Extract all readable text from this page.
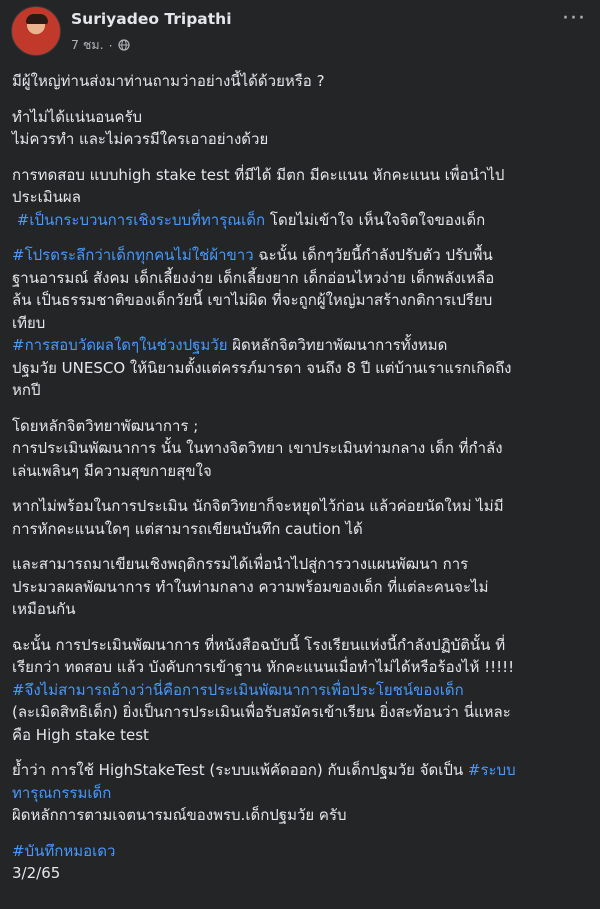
Suriyadeo Tripathi
7 ชม. ·
···
มีผู้ใหญ่ท่านส่งมาท่านถามว่าอย่างนี้ได้ด้วยหรือ ?
ทำไม่ได้แน่นอนครับ
ไม่ควรทำ และไม่ควรมีใครเอาอย่างด้วย
การทดสอบ แบบhigh stake test ที่มีได้ มีตก มีคะแนน หักคะแนน เพื่อนำไป
ประเมินผล
#เป็นกระบวนการเชิงระบบที่ทารุณเด็ก โดยไม่เข้าใจ เห็นใจจิตใจของเด็ก
#โปรดระลึกว่าเด็กทุกคนไม่ใช่ผ้าขาว ฉะนั้น เด็กๆวัยนี้กำลังปรับตัว ปรับพื้น
ฐานอารมณ์ สังคม เด็กเลี้ยงง่าย เด็กเลี้ยงยาก เด็กอ่อนไหวง่าย เด็กพลังเหลือ
ล้น เป็นธรรมชาติของเด็กวัยนี้ เขาไม่ผิด ที่จะถูกผู้ใหญ่มาสร้างกติการเปรียบ
เทียบ
#การสอบวัดผลใดๆในช่วงปฐมวัย ผิดหลักจิตวิทยาพัฒนาการทั้งหมด
ปฐมวัย UNESCO ให้นิยามตั้งแต่ครรภ์มารดา จนถึง 8 ปี แต่บ้านเราแรกเกิดถึง
หกปี
โดยหลักจิตวิทยาพัฒนาการ ;
การประเมินพัฒนาการ นั้น ในทางจิตวิทยา เขาประเมินท่ามกลาง เด็ก ที่กำลัง
เล่นเพลินๆ มีความสุขกายสุขใจ
หากไม่พร้อมในการประเมิน นักจิตวิทยาก็จะหยุดไว้ก่อน แล้วค่อยนัดใหม่ ไม่มี
การหักคะแนนใดๆ แต่สามารถเขียนบันทึก caution ได้
และสามารถมาเขียนเชิงพฤติกรรมได้เพื่อนำไปสู่การวางแผนพัฒนา การ
ประมวลผลพัฒนาการ ทำในท่ามกลาง ความพร้อมของเด็ก ที่แต่ละคนจะไม่
เหมือนกัน
ฉะนั้น การประเมินพัฒนาการ ที่หนังสือฉบับนี้ โรงเรียนแห่งนี้กำลังปฏิบัตินั้น ที่
เรียกว่า ทดสอบ แล้ว บังคับการเข้าฐาน หักคะแนนเมื่อทำไม่ได้หรือร้องไห้ !!!!!
#จึงไม่สามารถอ้างว่านี่คือการประเมินพัฒนาการเพื่อประโยชน์ของเด็ก
(ละเมิดสิทธิเด็ก) ยิ่งเป็นการประเมินเพื่อรับสมัครเข้าเรียน ยิ่งสะท้อนว่า นี่แหละ
คือ High stake test
ย้ำว่า การใช้ HighStakeTest (ระบบแพ้คัดออก) กับเด็กปฐมวัย จัดเป็น #ระบบ
ทารุณกรรมเด็ก
ผิดหลักการตามเจตนารมณ์ของพรบ.เด็กปฐมวัย ครับ
#บันทึกหมอเดว
3/2/65
